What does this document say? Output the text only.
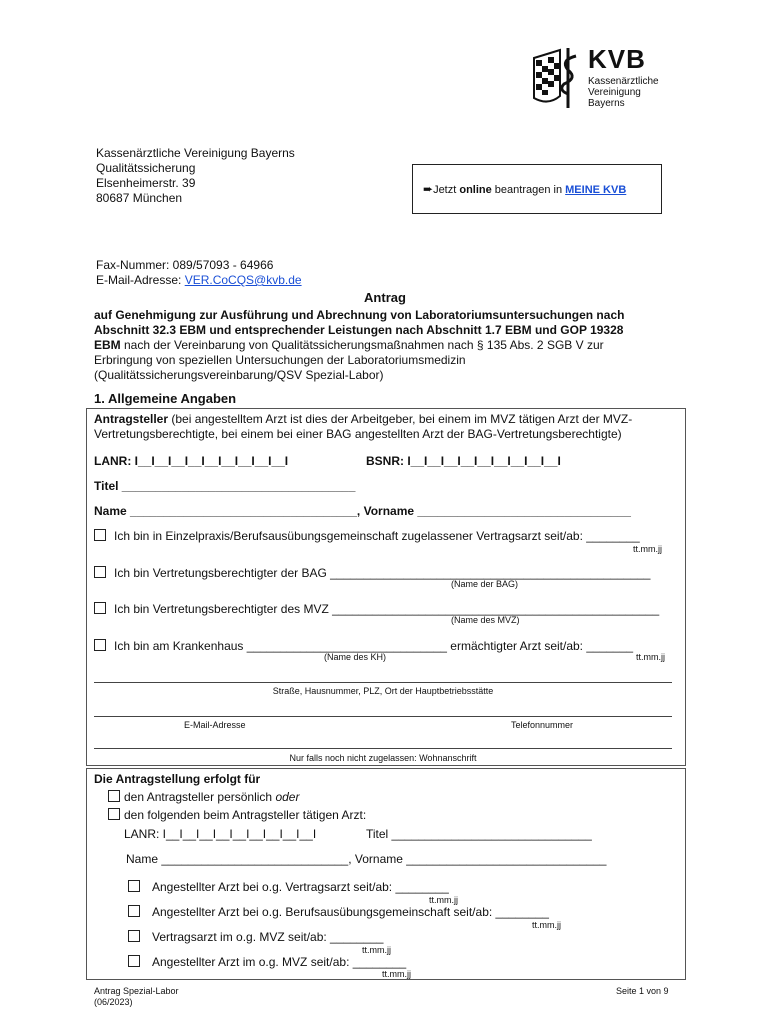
KVB
Kassenärztliche
Vereinigung
Bayerns
Kassenärztliche Vereinigung Bayerns
Qualitätssicherung
Elsenheimerstr. 39
80687 München
➨Jetzt online beantragen in MEINE KVB
Fax-Nummer: 089/57093 - 64966
E-Mail-Adresse: VER.CoCQS@kvb.de
Antrag
auf Genehmigung zur Ausführung und Abrechnung von Laboratoriumsuntersuchungen nach
Abschnitt 32.3 EBM und entsprechender Leistungen nach Abschnitt 1.7 EBM und GOP 19328
EBM nach der Vereinbarung von Qualitätssicherungsmaßnahmen nach § 135 Abs. 2 SGB V zur
Erbringung von speziellen Untersuchungen der Laboratoriumsmedizin
(Qualitätssicherungsvereinbarung/QSV Spezial-Labor)
1. Allgemeine Angaben
Antragsteller (bei angestelltem Arzt ist dies der Arbeitgeber, bei einem im MVZ tätigen Arzt der MVZ-
Vertretungsberechtigte, bei einem bei einer BAG angestellten Arzt der BAG-Vertretungsberechtigte)
LANR: I__I__I__I__I__I__I__I__I__I	BSNR: I__I__I__I__I__I__I__I__I__I
Titel ___________________________________
Name __________________________________, Vorname ________________________________
Ich bin in Einzelpraxis/Berufsausübungsgemeinschaft zugelassener Vertragsarzt seit/ab: ________
tt.mm.jj
Ich bin Vertretungsberechtigter der BAG ________________________________________________
(Name der BAG)
Ich bin Vertretungsberechtigter des MVZ _________________________________________________
(Name des MVZ)
Ich bin am Krankenhaus ______________________________ ermächtigter Arzt seit/ab: _______
(Name des KH)	tt.mm.jj
Straße, Hausnummer, PLZ, Ort der Hauptbetriebsstätte
E-Mail-Adresse	Telefonnummer
Nur falls noch nicht zugelassen: Wohnanschrift
Die Antragstellung erfolgt für
den Antragsteller persönlich oder
den folgenden beim Antragsteller tätigen Arzt:
LANR: I__I__I__I__I__I__I__I__I__I	Titel ______________________________
Name ____________________________, Vorname ______________________________
Angestellter Arzt bei o.g. Vertragsarzt seit/ab: ________
tt.mm.jj
Angestellter Arzt bei o.g. Berufsausübungsgemeinschaft seit/ab: ________
tt.mm.jj
Vertragsarzt im o.g. MVZ seit/ab: ________
tt.mm.jj
Angestellter Arzt im o.g. MVZ seit/ab: ________
tt.mm.jj
Antrag Spezial-Labor
(06/2023)
Seite 1 von 9
